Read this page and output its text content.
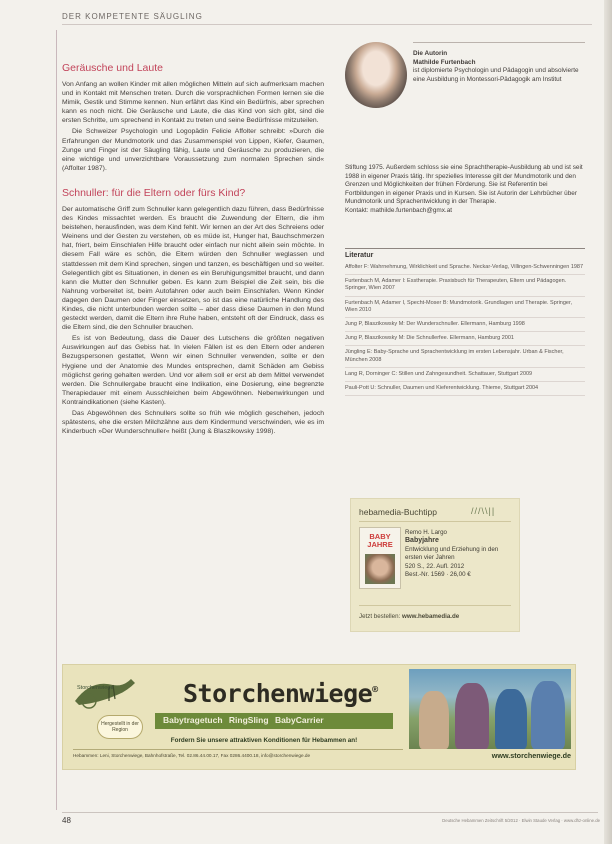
DER KOMPETENTE SÄUGLING
Geräusche und Laute

Von Anfang an wollen Kinder mit allen möglichen Mitteln auf sich aufmerksam machen und in Kontakt mit Menschen treten. Durch die vorsprachlichen Formen lernen sie die Mimik, Gestik und Stimme kennen. Nun erfährt das Kind ein Bedürfnis, aber sprechen kann es noch nicht. Die Geräusche und Laute, die das Kind von sich gibt, sind die ersten Schritte, um sprechend in Kontakt zu treten und seine Bedürfnisse mitzuteilen.

Die Schweizer Psychologin und Logopädin Felicie Affolter schreibt: »Durch die Erfahrungen der Mundmotorik und das Zusammenspiel von Lippen, Kiefer, Gaumen, Zunge und Finger ist der Säugling fähig, Laute und Geräusche zu produzieren, die eine wichtige und unverzichtbare Voraussetzung zum normalen Sprechen sind« (Affolter 1987).

Schnuller: für die Eltern oder fürs Kind?

Der automatische Griff zum Schnuller kann gelegentlich dazu führen, dass Bedürfnisse des Kindes missachtet werden. Es braucht die Zuwendung der Eltern, die ihm beistehen, herausfinden, was dem Kind fehlt. Wir lernen an der Art des Schreiens oder Weinens und der Gesten zu verstehen, ob es müde ist, Hunger hat, Bauchschmerzen hat, friert, beim Einschlafen Hilfe braucht oder einfach nur nicht allein sein möchte. In diesem Fall wäre es schön, die Eltern würden den Schnuller weglassen und stattdessen mit dem Kind sprechen, singen und tanzen, es beschäftigen und so weiter. Gelegentlich gibt es Situationen, in denen es ein Beruhigungsmittel braucht, und dann kann die Mutter den Schnuller geben. Es kann zum Beispiel die Zeit sein, bis die Nahrung vorbereitet ist, beim Autofahren oder auch beim Einschlafen. Wenn Kinder dagegen den Daumen oder Finger einsetzen, so ist das eine natürliche Handlung des Kindes, die nicht unterbunden werden sollte – aber dass diese Daumen in den Mund gesteckt werden, damit die Eltern ihre Ruhe haben, entsteht oft der Eindruck, dass es die Eltern sind, die den Schnuller brauchen.

Es ist von Bedeutung, dass die Dauer des Lutschens die größten negativen Auswirkungen auf das Gebiss hat. In vielen Fällen ist es den Eltern oder anderen Bezugspersonen gestattet, Wenn wir einen Schnuller verwenden, sollte er den Hygiene und der Anatomie des Mundes entsprechen, damit Schäden am Gebiss möglichst gering gehalten werden. Und vor allem soll er erst ab dem Mittel verwendet werden. Die Schnullergabe braucht eine Indikation, eine Dosierung, eine begrenzte Therapiedauer mit einem Ausschleichen beim Abgewöhnen. Nebenwirkungen und Kontraindikationen (siehe Kasten).

Das Abgewöhnen des Schnullers sollte so früh wie möglich geschehen, jedoch spätestens, ehe die ersten Milchzähne aus dem Kindermund verschwinden, wie es im Kinderbuch »Der Wunderschnuller« heißt (Jung & Blaszikowsky 1998).

Die Autorin
Mathilde Furtenbach
ist diplomierte Psychologin und Pädagogin und absolvierte eine Ausbildung in Montessori-Pädagogik am Institut
Stiftung 1975. Außerdem schloss sie eine Sprachtherapie-Ausbildung ab und ist seit 1988 in eigener Praxis tätig. Ihr spezielles Interesse gilt der Mundmotorik und den Grenzen und Möglichkeiten der frühen Förderung. Sie ist Referentin bei Fortbildungen in eigener Praxis und in Kursen. Sie ist Autorin der Lehrbücher über Mundmotorik und Sprachentwicklung in der Therapie.
Kontakt: mathilde.furtenbach@gmx.at
Literatur
Affolter F: Wahrnehmung, Wirklichkeit und Sprache. Neckar-Verlag, Villingen-Schwenningen 1987
Furtenbach M, Adamer I: Esstherapie. Praxisbuch für Therapeuten, Eltern und Pädagogen. Springer, Wien 2007
Furtenbach M, Adamer I, Specht-Moser B: Mundmotorik. Grundlagen und Therapie. Springer, Wien 2010
Jung P, Blaszikowsky M: Der Wunderschnuller. Ellermann, Hamburg 1998
Jung P, Blaszikowsky M: Die Schnullerfee. Ellermann, Hamburg 2001
Jüngling E: Baby-Sprache und Sprachentwicklung im ersten Lebensjahr. Urban & Fischer, München 2008
Lang R, Dorninger C: Stillen und Zahngesundheit. Schattauer, Stuttgart 2009
Pauli-Pott U: Schnuller, Daumen und Kieferentwicklung. Thieme, Stuttgart 2004
hebamedia-Buchtipp	///\\||
BABY JAHRE
Remo H. Largo
Babyjahre
Entwicklung und Erziehung in den ersten vier Jahren
520 S., 22. Aufl. 2012
Best.-Nr. 1569 · 26,00 €
Jetzt bestellen: www.hebamedia.de
Storchenwiege
Hergestellt in der Region
Storchenwiege®
Babytragetuch RingSling BabyCarrier
Fordern Sie unsere attraktiven Konditionen für Hebammen an!
Hebammen: Leni, Storchenwiege, Bahnhofstraße, Tel. 02.86.44.00.17, Fax 0286.4400.18, info@storchenwiege.de	www.storchenwiege.de
48	Deutsche Hebammen Zeitschrift 5/2012 · Elwin Staude Verlag · www.dhz-online.de
